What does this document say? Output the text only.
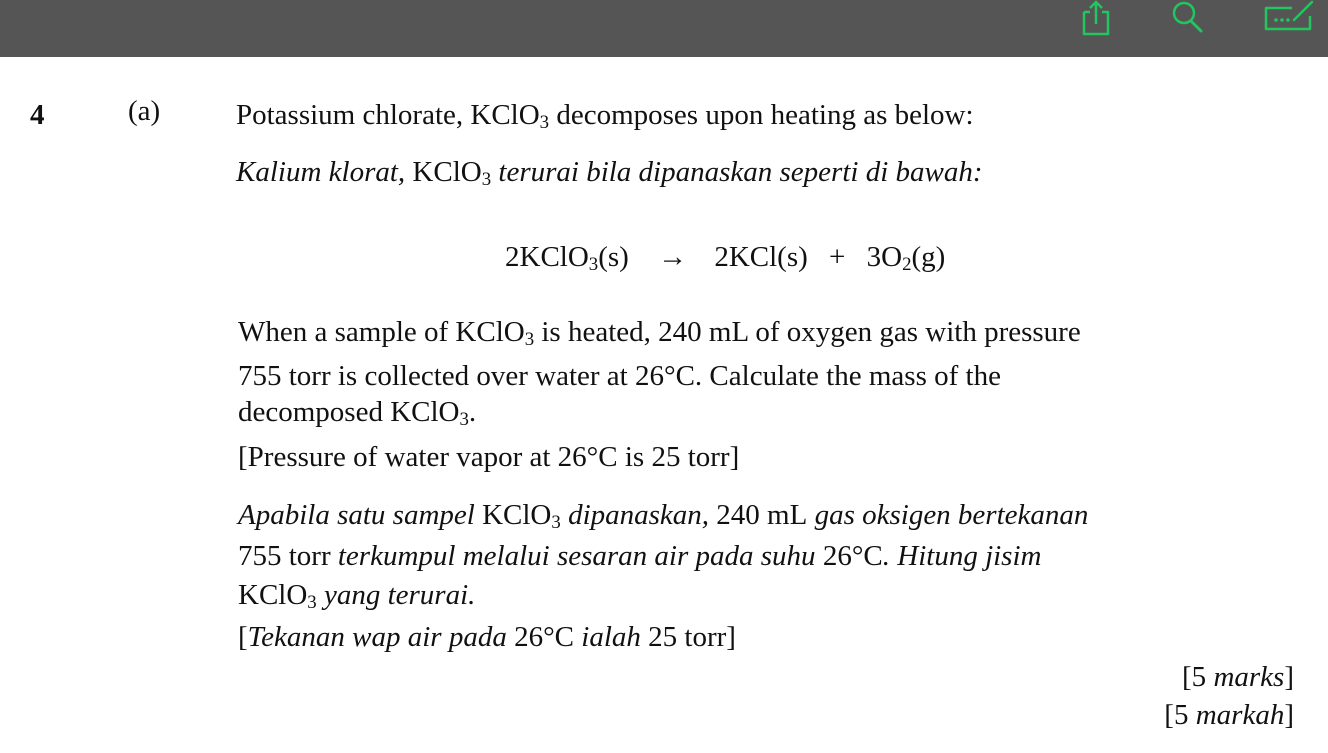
4	(a)	Potassium chlorate, KClO$_3$ decomposes upon heating as below:
Kalium klorat, KClO$_3$ terurai bila dipanaskan seperti di bawah:
2KClO$_3$(s) → $2KCl(s) + 3O_2(g)$
When a sample of KClO$_3$ is heated, 240 mL of oxygen gas with pressure
755 torr is collected over water at 26°C. Calculate the mass of the
decomposed KClO$_3$.
[Pressure of water vapor at 26°C is 25 torr]
Apabila satu sampel KClO$_3$ dipanaskan, 240 mL gas oksigen bertekanan
755 torr terkumpul melalui sesaran air pada suhu 26°C. Hitung jisim
KClO$_3$ yang terurai.
[Tekanan wap air pada 26°C ialah 25 torr]
[5 marks]
[5 markah]
